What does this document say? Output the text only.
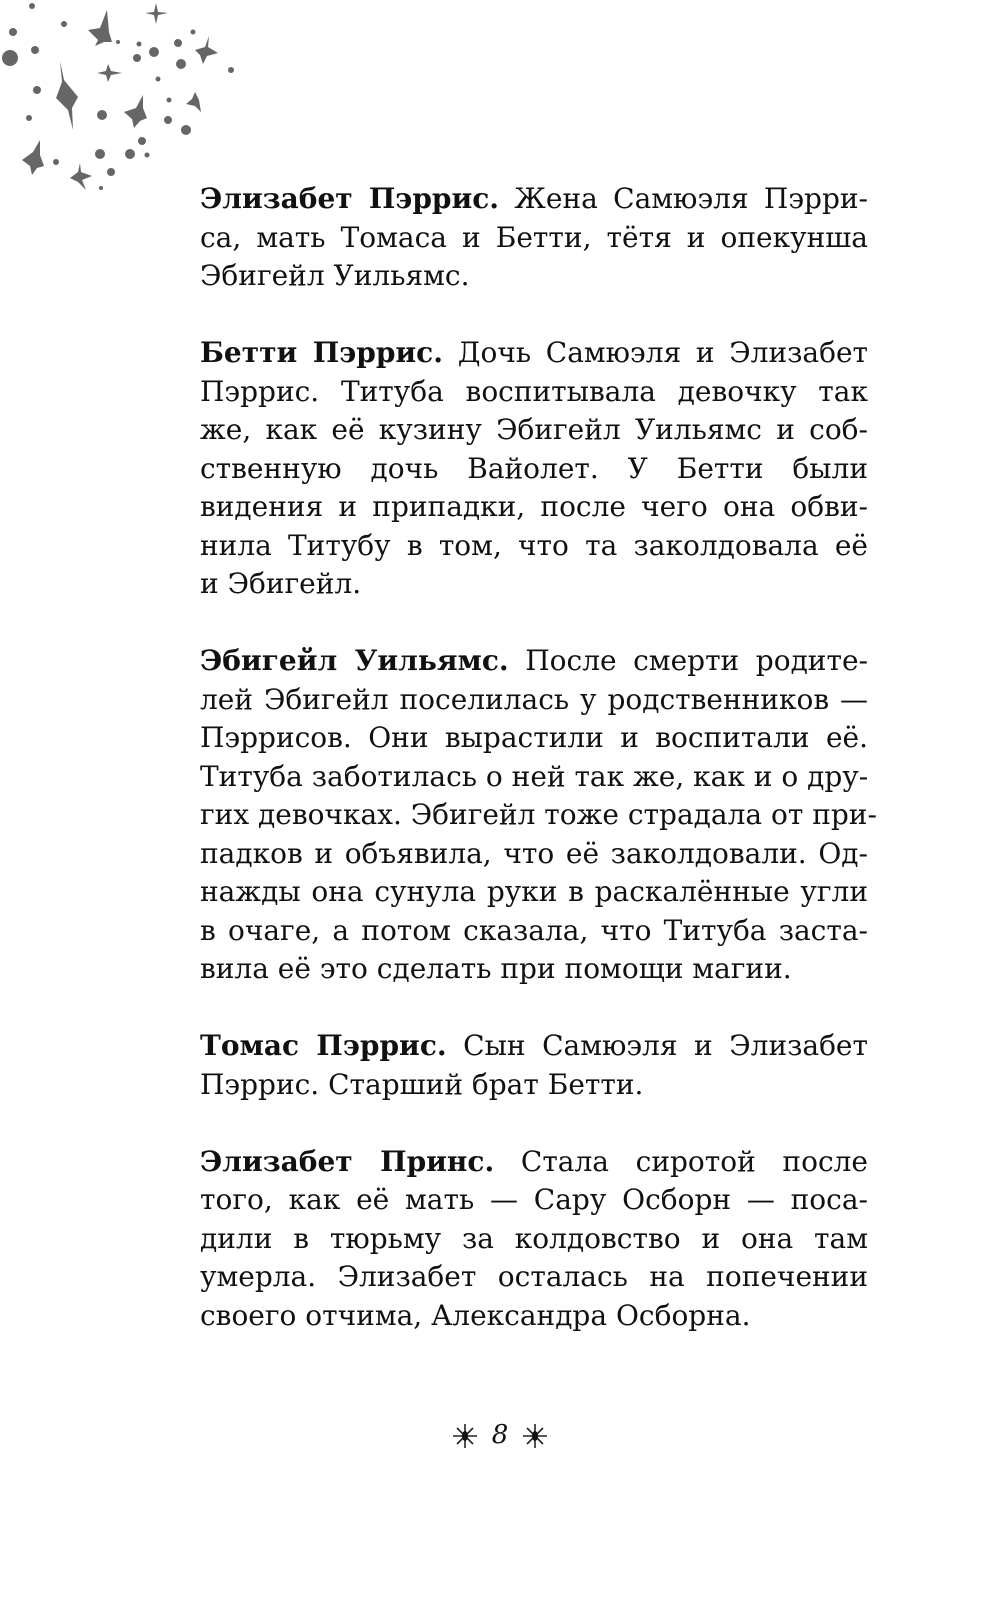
Элизабет Пэррис. Жена Самюэля Пэрри-
са, мать Томаса и Бетти, тётя и опекунша
Эбигейл Уильямс.
Бетти Пэррис. Дочь Самюэля и Элизабет
Пэррис. Титуба воспитывала девочку так
же, как её кузину Эбигейл Уильямс и соб-
ственную дочь Вайолет. У Бетти были
видения и припадки, после чего она обви-
нила Титубу в том, что та заколдовала её
и Эбигейл.
Эбигейл Уильямс. После смерти родите-
лей Эбигейл поселилась у родственников —
Пэррисов. Они вырастили и воспитали её.
Титуба заботилась о ней так же, как и о дру-
гих девочках. Эбигейл тоже страдала от при-
падков и объявила, что её заколдовали. Од-
нажды она сунула руки в раскалённые угли
в очаге, а потом сказала, что Титуба заста-
вила её это сделать при помощи магии.
Томас Пэррис. Сын Самюэля и Элизабет
Пэррис. Старший брат Бетти.
Элизабет Принс. Стала сиротой после
того, как её мать — Сару Осборн — поса-
дили в тюрьму за колдовство и она там
умерла. Элизабет осталась на попечении
своего отчима, Александра Осборна.
8
